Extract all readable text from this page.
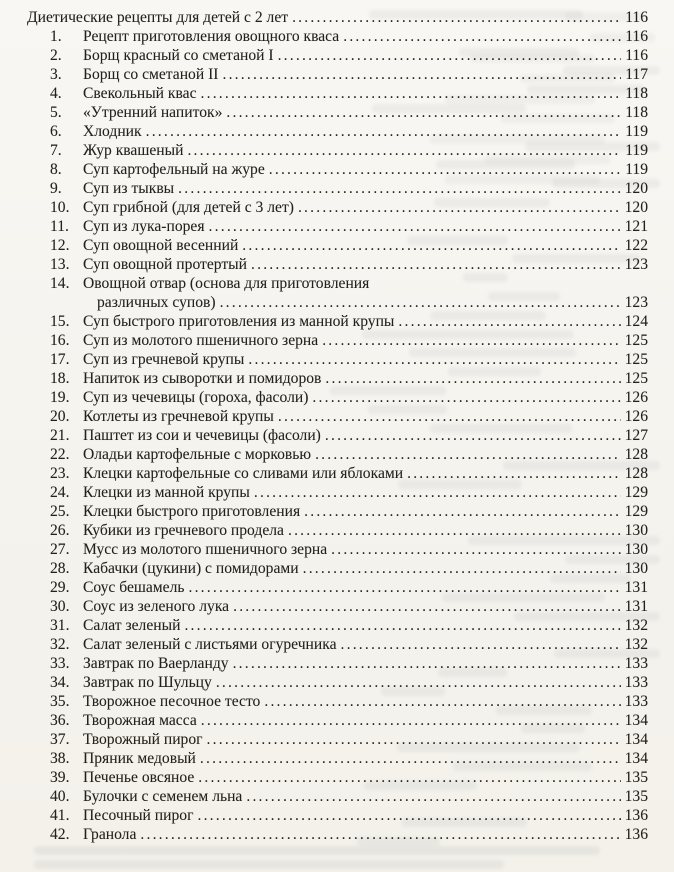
Диетические рецепты для детей с 2 лет .....	116
1.	Рецепт приготовления овощного кваса .....	116
2.	Борщ красный со сметаной I .....	116
3.	Борщ со сметаной II .....	117
4.	Свекольный квас .....	118
5.	«Утренний напиток» .....	118
6.	Хлодник .....	119
7.	Жур квашеный .....	119
8.	Суп картофельный на журе .....	119
9.	Суп из тыквы .....	120
10. Суп грибной (для детей с 3 лет) .....	120
11. Суп из лука-порея .....	121
12. Суп овощной весенний .....	122
13. Суп овощной протертый .....	123
14. Овощной отвар (основа для приготовления
различных супов) .....	123
15. Суп быстрого приготовления из манной крупы .....	124
16. Суп из молотого пшеничного зерна .....	125
17. Суп из гречневой крупы .....	125
18. Напиток из сыворотки и помидоров .....	125
19. Суп из чечевицы (гороха, фасоли) .....	126
20. Котлеты из гречневой крупы .....	126
21. Паштет из сои и чечевицы (фасоли) .....	127
22. Оладьи картофельные с морковью .....	128
23. Клецки картофельные со сливами или яблоками .....	128
24. Клецки из манной крупы .....	129
25. Клецки быстрого приготовления .....	129
26. Кубики из гречневого продела .....	130
27. Мусс из молотого пшеничного зерна .....	130
28. Кабачки (цукини) с помидорами .....	130
29. Соус бешамель .....	131
30. Соус из зеленого лука .....	131
31. Салат зеленый .....	132
32. Салат зеленый с листьями огуречника .....	132
33. Завтрак по Ваерланду .....	133
34. Завтрак по Шульцу .....	133
35. Творожное песочное тесто .....	133
36. Творожная масса .....	134
37. Творожный пирог .....	134
38. Пряник медовый .....	134
39. Печенье овсяное .....	135
40. Булочки с семенем льна .....	135
41. Песочный пирог .....	136
42. Гранола .....	136
